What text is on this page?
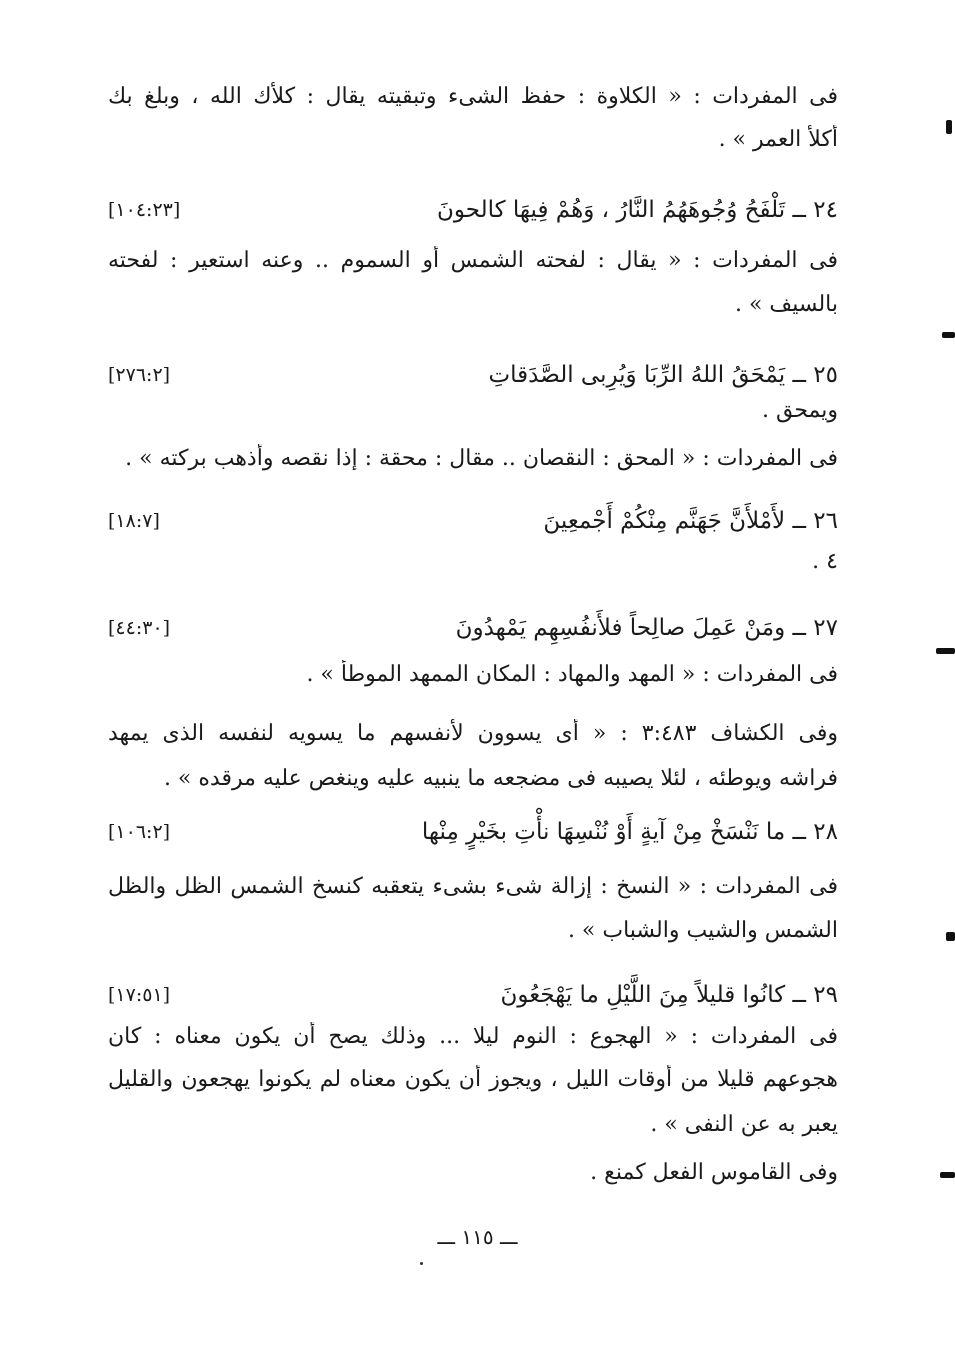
فى المفردات : « الكلاوة : حفظ الشىء وتبقيته يقال : كلأك الله ، وبلغ بك
أكلأ العمر » .
٢٤ ــ تَلْفَحُ وُجُوهَهُمُ النَّارُ ، وَهُمْ فِيهَا كالحونَ
[١٠٤:٢٣]
فى المفردات : « يقال : لفحته الشمس أو السموم .. وعنه استعير : لفحته
بالسيف » .
٢٥ ــ يَمْحَقُ اللهُ الرِّبَا وَيُرِبى الصَّدَقاتِ
[٢٧٦:٢]
ويمحق .
فى المفردات : « المحق : النقصان .. مقال : محقة : إذا نقصه وأذهب بركته » .
٢٦ ــ لأَمْلأَنَّ جَهَنَّم مِنْكُمْ أَجْمعِينَ
[١٨:٧]
٤ .
٢٧ ــ ومَنْ عَمِلَ صالِحاً فلأَنفُسِهِم يَمْهدُونَ
[٤٤:٣٠]
فى المفردات : « المهد والمهاد : المكان الممهد الموطأ » .
وفى الكشاف ٣:٤٨٣ : « أى يسوون لأنفسهم ما يسويه لنفسه الذى يمهد
فراشه ويوطئه ، لئلا يصيبه فى مضجعه ما ينبيه عليه وينغص عليه مرقده » .
٢٨ ــ ما نَنْسَخْ مِنْ آيةٍ أَوْ نُنْسِهَا نأْتِ بخَيْرٍ مِنْها
[١٠٦:٢]
فى المفردات : « النسخ : إزالة شىء بشىء يتعقبه كنسخ الشمس الظل والظل
الشمس والشيب والشباب » .
٢٩ ــ كانُوا قليلاً مِنَ اللَّيْلِ ما يَهْجَعُونَ
[١٧:٥١]
فى المفردات : « الهجوع : النوم ليلا ... وذلك يصح أن يكون معناه : كان
هجوعهم قليلا من أوقات الليل ، ويجوز أن يكون معناه لم يكونوا يهجعون والقليل
يعبر به عن النفى » .
وفى القاموس الفعل كمنع .
ـــ ١١٥ ـــ
